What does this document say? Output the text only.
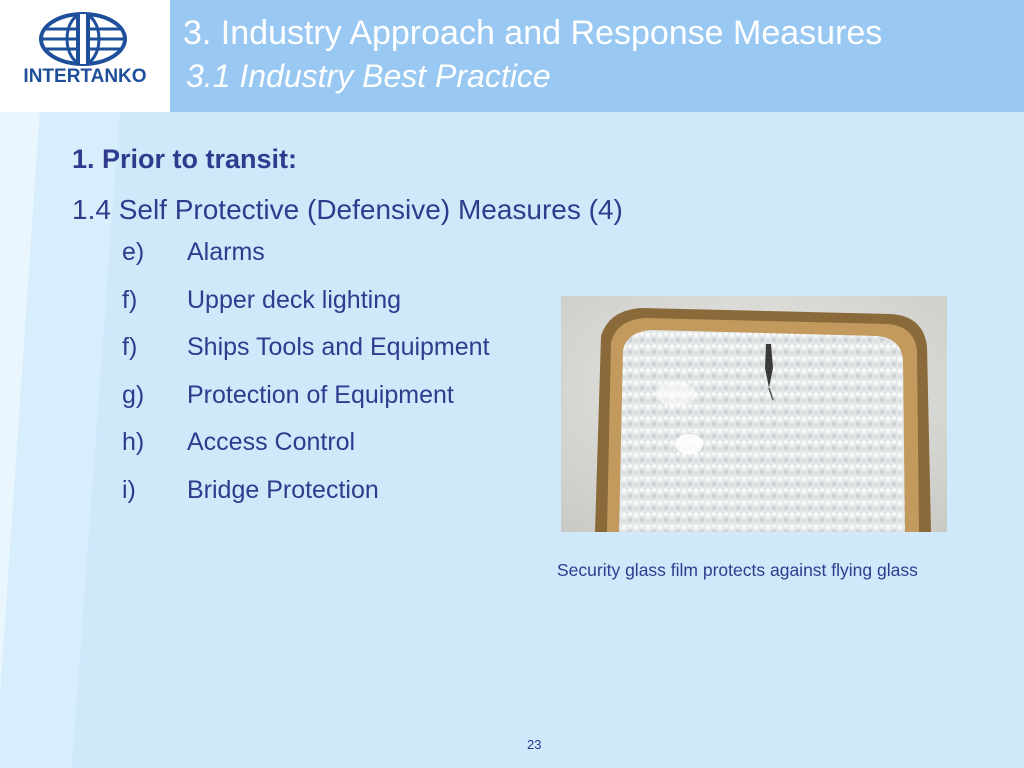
INTERTANKO
3. Industry Approach and Response Measures
3.1 Industry Best Practice
1. Prior to transit:
1.4 Self Protective (Defensive) Measures (4)
e) Alarms
f) Upper deck lighting
f) Ships Tools and Equipment
g) Protection of Equipment
h) Access Control
i) Bridge Protection
Security glass film protects against flying glass
23
